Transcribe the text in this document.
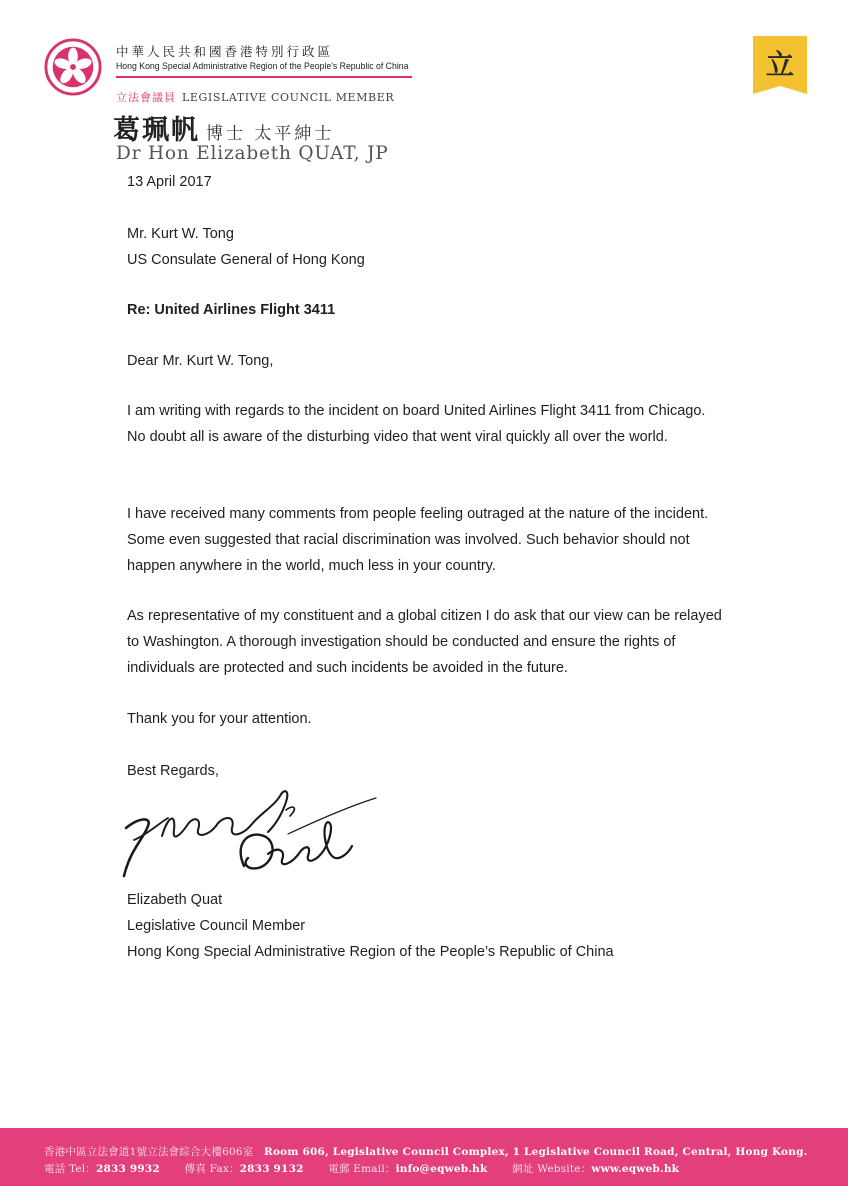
中華人民共和國香港特別行政區
Hong Kong Special Administrative Region of the People's Republic of China
立法會議員 LEGISLATIVE COUNCIL MEMBER
葛珮帆 博士 太平紳士
Dr Hon Elizabeth QUAT, JP
立
13 April 2017
Mr. Kurt W. Tong
US Consulate General of Hong Kong
Re: United Airlines Flight 3411
Dear Mr. Kurt W. Tong,
I am writing with regards to the incident on board United Airlines Flight 3411 from Chicago. No doubt all is aware of the disturbing video that went viral quickly all over the world.
I have received many comments from people feeling outraged at the nature of the incident. Some even suggested that racial discrimination was involved. Such behavior should not happen anywhere in the world, much less in your country.
As representative of my constituent and a global citizen I do ask that our view can be relayed to Washington. A thorough investigation should be conducted and ensure the rights of individuals are protected and such incidents be avoided in the future.
Thank you for your attention.
Best Regards,
Elizabeth Quat
Legislative Council Member
Hong Kong Special Administrative Region of the People’s Republic of China
香港中區立法會道1號立法會綜合大樓606室 Room 606, Legislative Council Complex, 1 Legislative Council Road, Central, Hong Kong.
電話 Tel：2833 9932 傳真 Fax：2833 9132 電郵 Email：info@eqweb.hk 網址 Website：www.eqweb.hk
